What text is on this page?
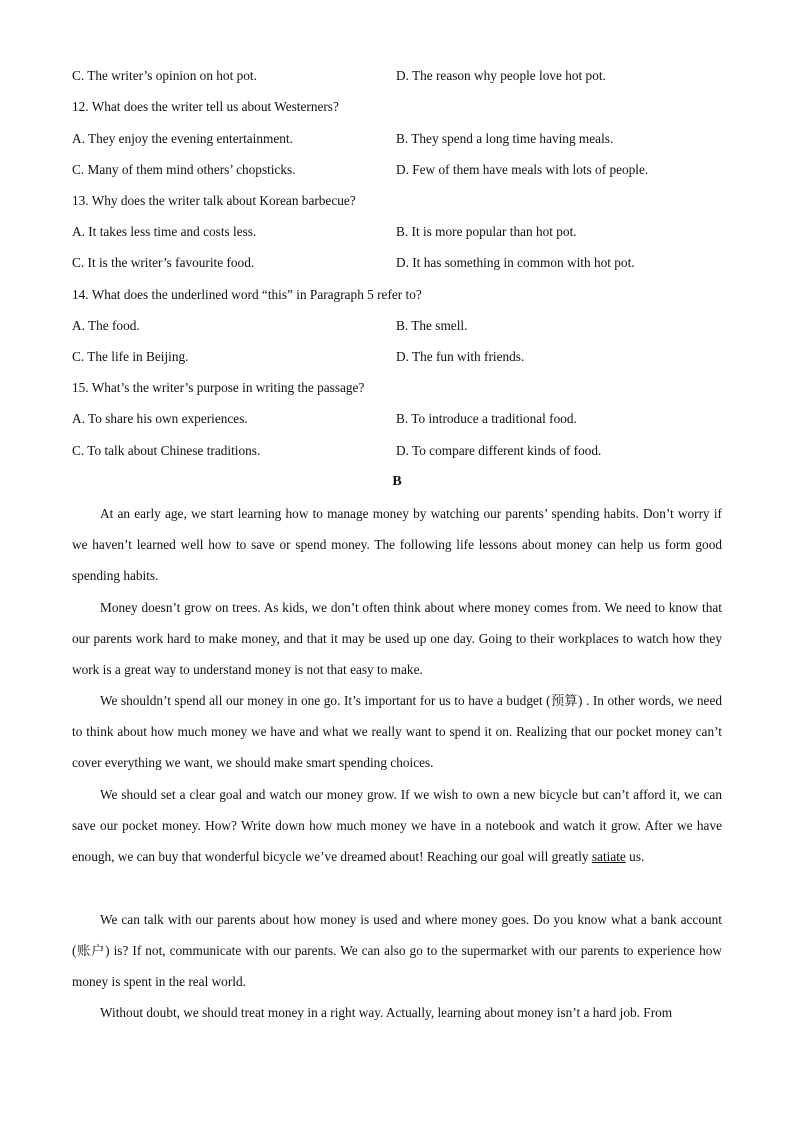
C. The writer’s opinion on hot pot.	D. The reason why people love hot pot.
12. What does the writer tell us about Westerners?
A. They enjoy the evening entertainment.	B. They spend a long time having meals.
C. Many of them mind others’ chopsticks.	D. Few of them have meals with lots of people.
13. Why does the writer talk about Korean barbecue?
A. It takes less time and costs less.	B. It is more popular than hot pot.
C. It is the writer’s favourite food.	D. It has something in common with hot pot.
14. What does the underlined word “this” in Paragraph 5 refer to?
A. The food.	B. The smell.
C. The life in Beijing.	D. The fun with friends.
15. What’s the writer’s purpose in writing the passage?
A. To share his own experiences.	B. To introduce a traditional food.
C. To talk about Chinese traditions.	D. To compare different kinds of food.
B
At an early age, we start learning how to manage money by watching our parents’ spending habits. Don’t worry if we haven’t learned well how to save or spend money. The following life lessons about money can help us form good spending habits.
Money doesn’t grow on trees. As kids, we don’t often think about where money comes from. We need to know that our parents work hard to make money, and that it may be used up one day. Going to their workplaces to watch how they work is a great way to understand money is not that easy to make.
We shouldn’t spend all our money in one go. It’s important for us to have a budget (预算) . In other words, we need to think about how much money we have and what we really want to spend it on. Realizing that our pocket money can’t cover everything we want, we should make smart spending choices.
We should set a clear goal and watch our money grow. If we wish to own a new bicycle but can’t afford it, we can save our pocket money. How? Write down how much money we have in a notebook and watch it grow. After we have enough, we can buy that wonderful bicycle we’ve dreamed about! Reaching our goal will greatly satiate us.
We can talk with our parents about how money is used and where money goes. Do you know what a bank account (账户) is? If not, communicate with our parents. We can also go to the supermarket with our parents to experience how money is spent in the real world.
Without doubt, we should treat money in a right way. Actually, learning about money isn’t a hard job. From
